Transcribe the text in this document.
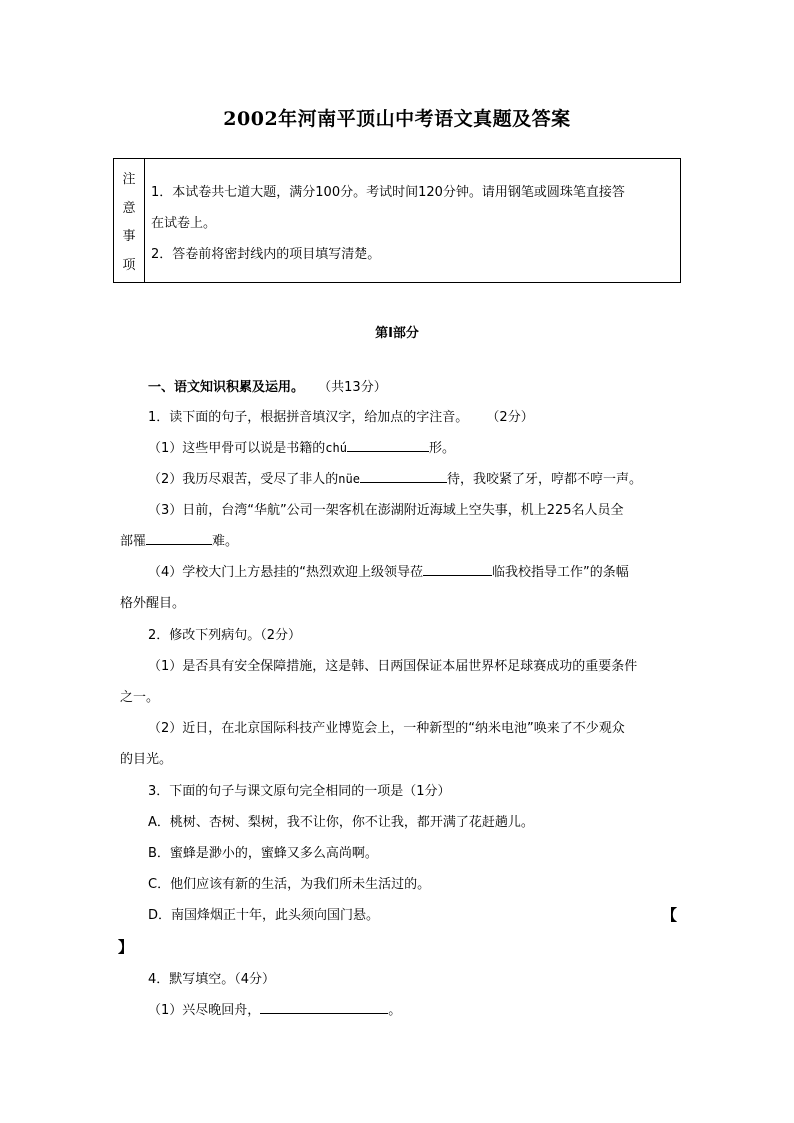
2002年河南平顶山中考语文真题及答案
注
意
事
项

1．本试卷共七道大题，满分100分。考试时间120分钟。请用钢笔或圆珠笔直接答

在试卷上。

2．答卷前将密封线内的项目填写清楚。

第Ⅰ部分
一、语文知识积累及运用。 （共13分）
1．读下面的句子，根据拼音填汉字，给加点的字注音。 （2分）
（1）这些甲骨可以说是书籍的chú	形。
（2）我历尽艰苦，受尽了非人的nüe	待，我咬紧了牙，哼都不哼一声。
（3）日前，台湾“华航”公司一架客机在澎湖附近海域上空失事，机上225名人员全
部罹	难。
（4）学校大门上方悬挂的“热烈欢迎上级领导莅	临我校指导工作”的条幅
格外醒目。
2．修改下列病句。（2分）
（1）是否具有安全保障措施，这是韩、日两国保证本届世界杯足球赛成功的重要条件
之一。
（2）近日，在北京国际科技产业博览会上，一种新型的“纳米电池”唤来了不少观众
的目光。
3．下面的句子与课文原句完全相同的一项是（1分）
A．桃树、杏树、梨树，我不让你，你不让我，都开满了花赶趟儿。
B．蜜蜂是渺小的，蜜蜂又多么高尚啊。
C．他们应该有新的生活，为我们所未生活过的。
D．南国烽烟正十年，此头须向国门悬。	【
】
4．默写填空。（4分）
（1）兴尽晚回舟，	。
